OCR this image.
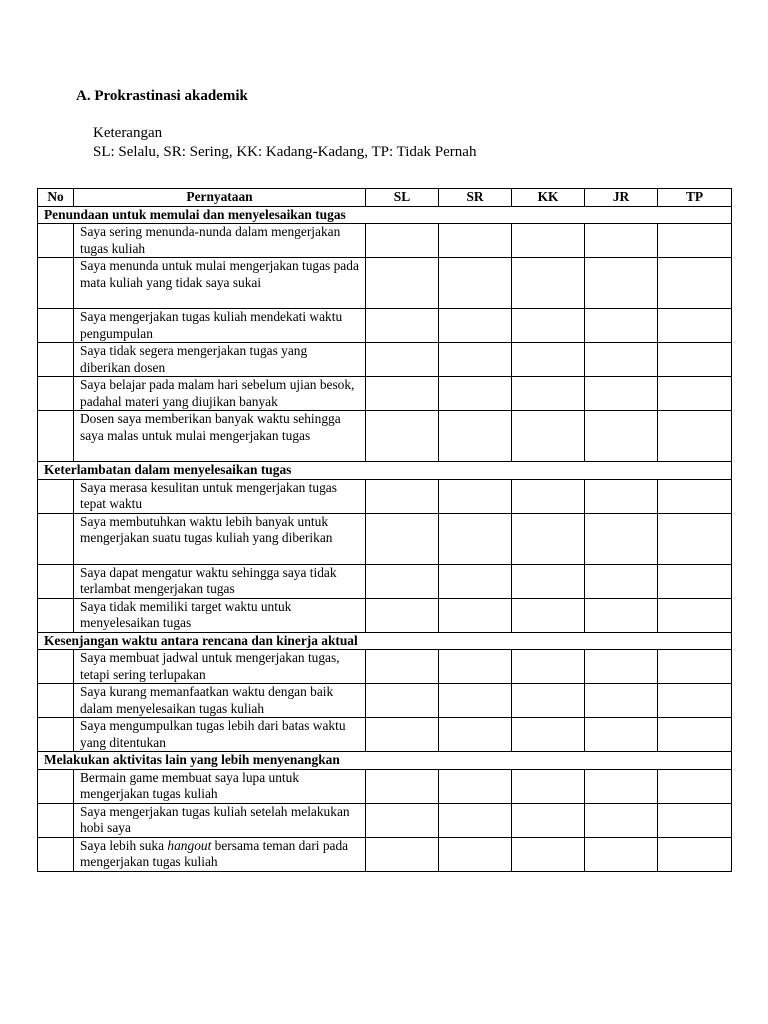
A. Prokrastinasi akademik
Keterangan
SL: Selalu, SR: Sering, KK: Kadang-Kadang, TP: Tidak Pernah
No	Pernyataan	SL	SR	KK	JR	TP
Penundaan untuk memulai dan menyelesaikan tugas						
	Saya sering menunda-nunda dalam mengerjakan tugas kuliah					
	Saya menunda untuk mulai mengerjakan tugas pada mata kuliah yang tidak saya sukai					
	Saya mengerjakan tugas kuliah mendekati waktu pengumpulan					
	Saya tidak segera mengerjakan tugas yang diberikan dosen					
	Saya belajar pada malam hari sebelum ujian besok, padahal materi yang diujikan banyak					
	Dosen saya memberikan banyak waktu sehingga saya malas untuk mulai mengerjakan tugas					
Keterlambatan dalam menyelesaikan tugas						
	Saya merasa kesulitan untuk mengerjakan tugas tepat waktu					
	Saya membutuhkan waktu lebih banyak untuk mengerjakan suatu tugas kuliah yang diberikan					
	Saya dapat mengatur waktu sehingga saya tidak terlambat mengerjakan tugas					
	Saya tidak memiliki target waktu untuk menyelesaikan tugas					
Kesenjangan waktu antara rencana dan kinerja aktual						
	Saya membuat jadwal untuk mengerjakan tugas, tetapi sering terlupakan					
	Saya kurang memanfaatkan waktu dengan baik dalam menyelesaikan tugas kuliah					
	Saya mengumpulkan tugas lebih dari batas waktu yang ditentukan					
Melakukan aktivitas lain yang lebih menyenangkan						
	Bermain game membuat saya lupa untuk mengerjakan tugas kuliah					
	Saya mengerjakan tugas kuliah setelah melakukan hobi saya					
	Saya lebih suka hangout bersama teman dari pada mengerjakan tugas kuliah					
